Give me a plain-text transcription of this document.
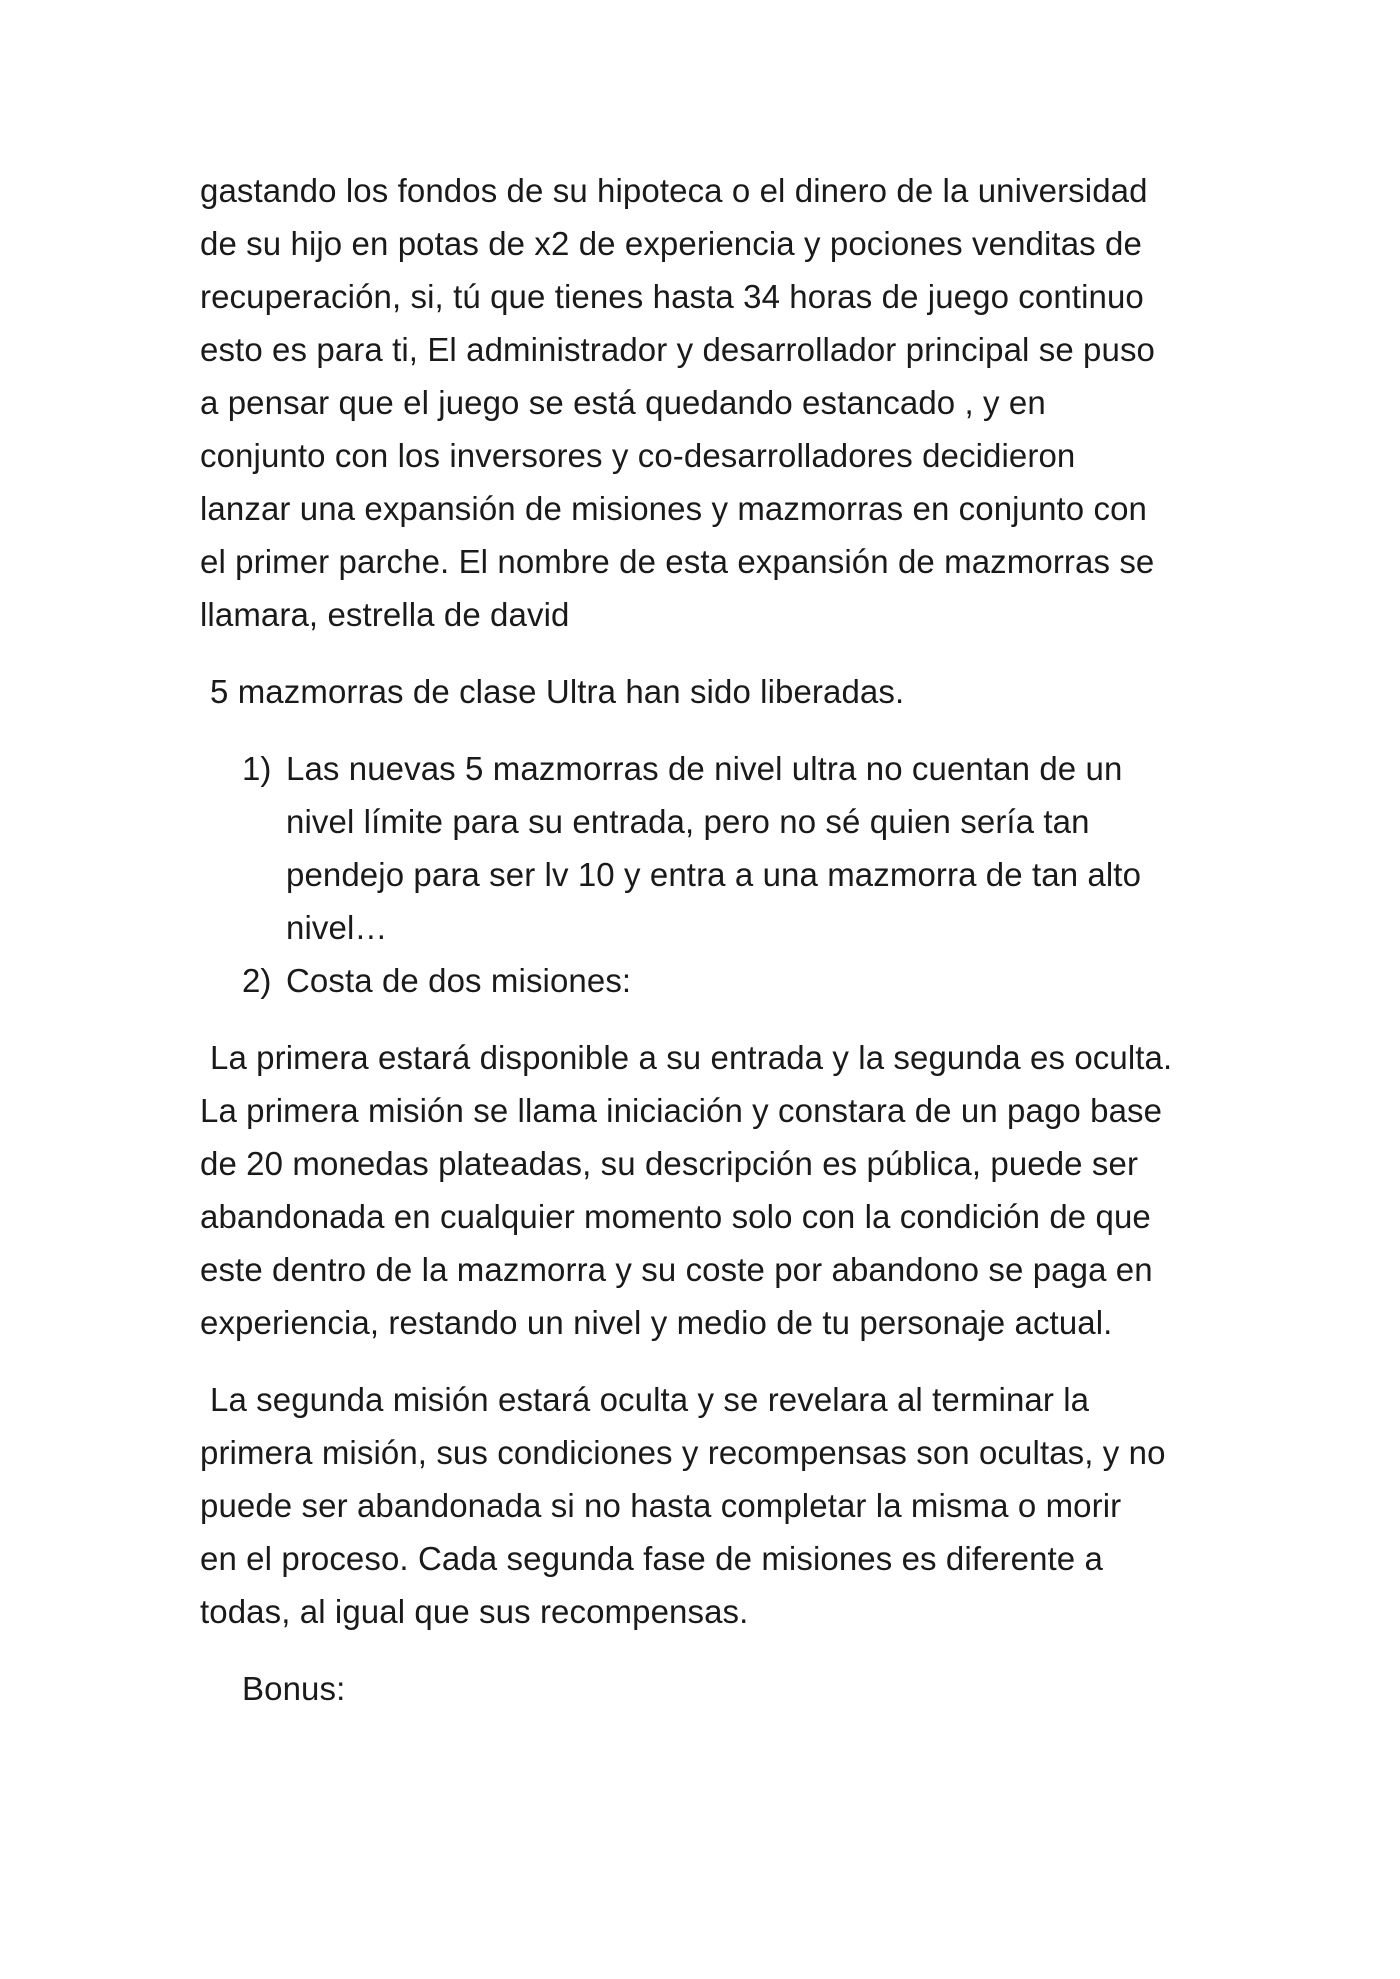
gastando los fondos de su hipoteca o el dinero de la universidad
de su hijo en potas de x2 de experiencia y pociones venditas de
recuperación, si, tú que tienes hasta 34 horas de juego continuo
esto es para ti, El administrador y desarrollador principal se puso
a pensar que el juego se está quedando estancado , y en
conjunto con los inversores y co-desarrolladores decidieron
lanzar una expansión de misiones y mazmorras en conjunto con
el primer parche. El nombre de esta expansión de mazmorras se
llamara, estrella de david
5 mazmorras de clase Ultra han sido liberadas.
1) Las nuevas 5 mazmorras de nivel ultra no cuentan de un
nivel límite para su entrada, pero no sé quien sería tan
pendejo para ser lv 10 y entra a una mazmorra de tan alto
nivel…
2) Costa de dos misiones:
La primera estará disponible a su entrada y la segunda es oculta.
La primera misión se llama iniciación y constara de un pago base
de 20 monedas plateadas, su descripción es pública, puede ser
abandonada en cualquier momento solo con la condición de que
este dentro de la mazmorra y su coste por abandono se paga en
experiencia, restando un nivel y medio de tu personaje actual.
La segunda misión estará oculta y se revelara al terminar la
primera misión, sus condiciones y recompensas son ocultas, y no
puede ser abandonada si no hasta completar la misma o morir
en el proceso. Cada segunda fase de misiones es diferente a
todas, al igual que sus recompensas.
Bonus:
